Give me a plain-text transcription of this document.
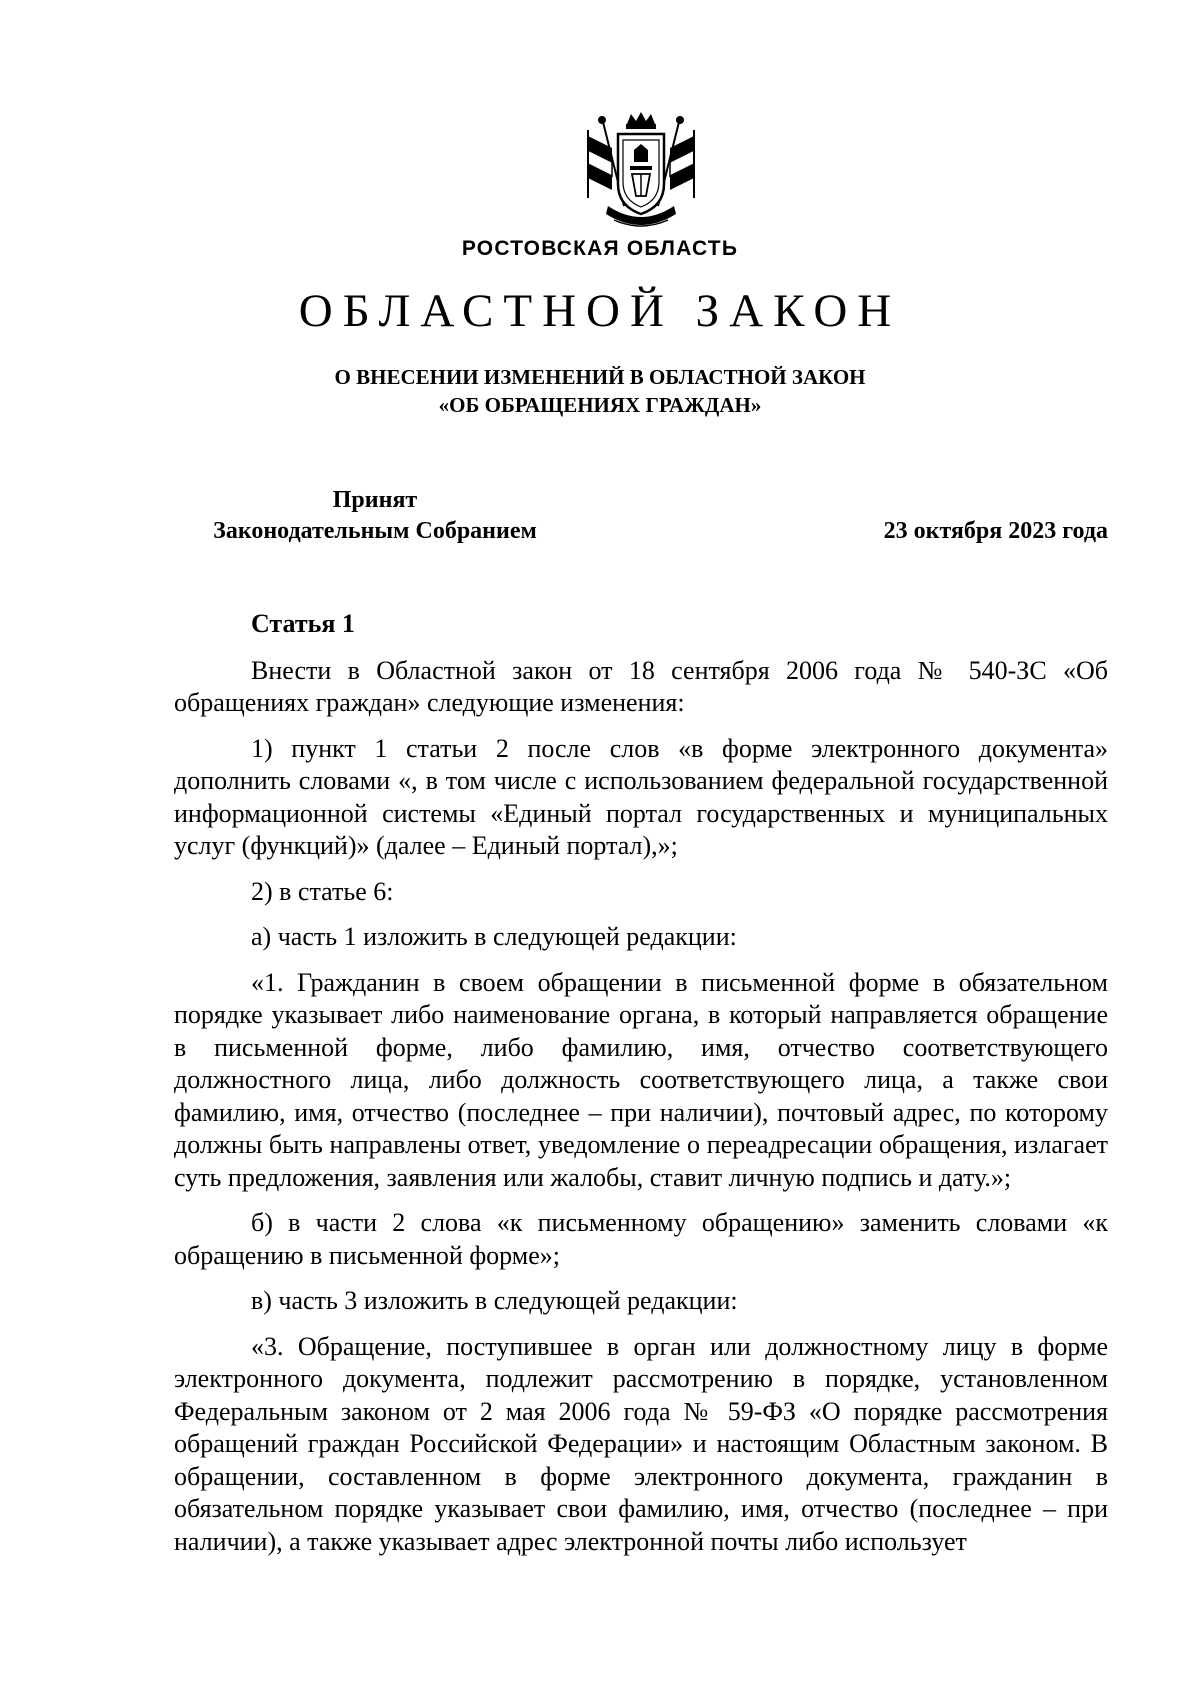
РОСТОВСКАЯ ОБЛАСТЬ
ОБЛАСТНОЙ ЗАКОН
О ВНЕСЕНИИ ИЗМЕНЕНИЙ В ОБЛАСТНОЙ ЗАКОН
«ОБ ОБРАЩЕНИЯХ ГРАЖДАН»
Принят
Законодательным Собранием	23 октября 2023 года
Статья 1

Внести в Областной закон от 18 сентября 2006 года № 540-ЗС «Об обращениях граждан» следующие изменения:

1) пункт 1 статьи 2 после слов «в форме электронного документа» дополнить словами «, в том числе с использованием федеральной государственной информационной системы «Единый портал государственных и муниципальных услуг (функций)» (далее – Единый портал),»;

2) в статье 6:

а) часть 1 изложить в следующей редакции:

«1. Гражданин в своем обращении в письменной форме в обязательном порядке указывает либо наименование органа, в который направляется обращение в письменной форме, либо фамилию, имя, отчество соответствующего должностного лица, либо должность соответствующего лица, а также свои фамилию, имя, отчество (последнее – при наличии), почтовый адрес, по которому должны быть направлены ответ, уведомление о переадресации обращения, излагает суть предложения, заявления или жалобы, ставит личную подпись и дату.»;

б) в части 2 слова «к письменному обращению» заменить словами «к обращению в письменной форме»;

в) часть 3 изложить в следующей редакции:

«3. Обращение, поступившее в орган или должностному лицу в форме электронного документа, подлежит рассмотрению в порядке, установленном Федеральным законом от 2 мая 2006 года № 59-ФЗ «О порядке рассмотрения обращений граждан Российской Федерации» и настоящим Областным законом. В обращении, составленном в форме электронного документа, гражданин в обязательном порядке указывает свои фамилию, имя, отчество (последнее – при наличии), а также указывает адрес электронной почты либо использует
